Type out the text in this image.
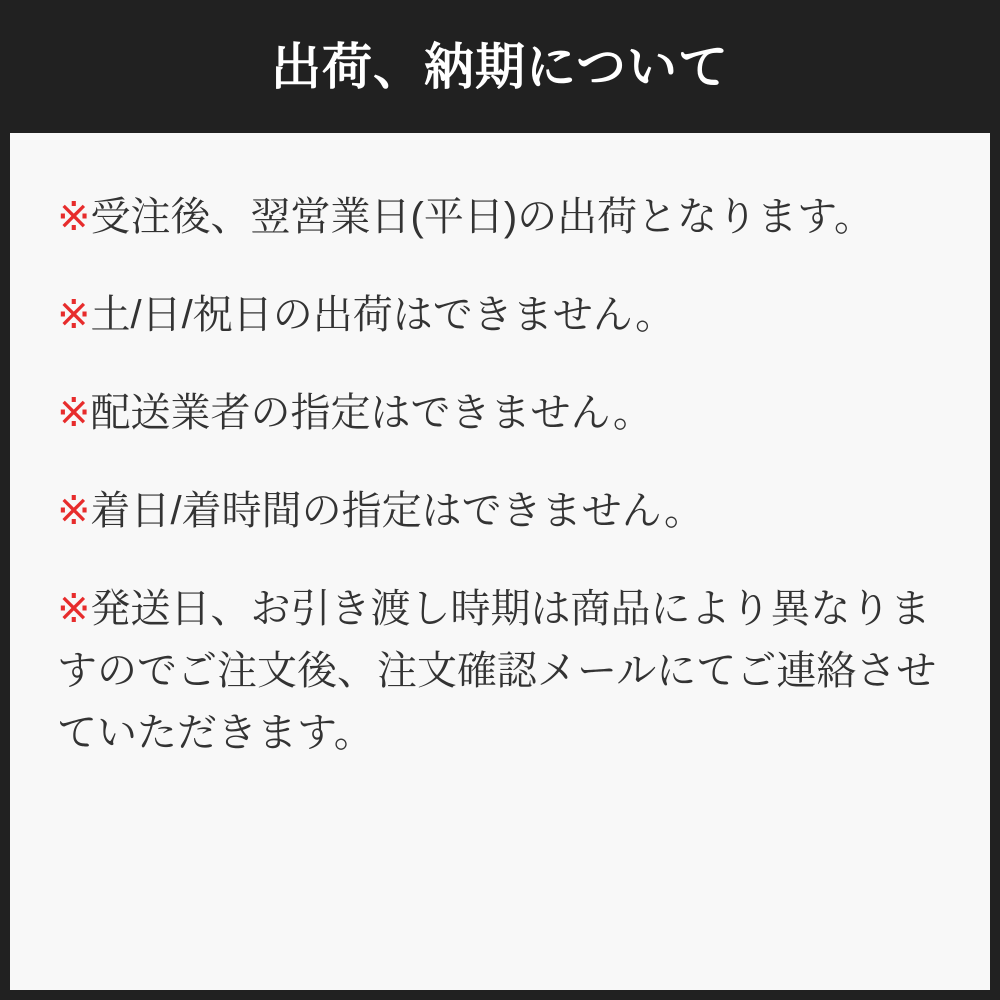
出荷、納期について

※受注後、翌営業日(平日)の出荷となります。

※土/日/祝日の出荷はできません。

※配送業者の指定はできません。

※着日/着時間の指定はできません。

※発送日、お引き渡し時期は商品により異なりますのでご注文後、注文確認メールにてご連絡させていただきます。
